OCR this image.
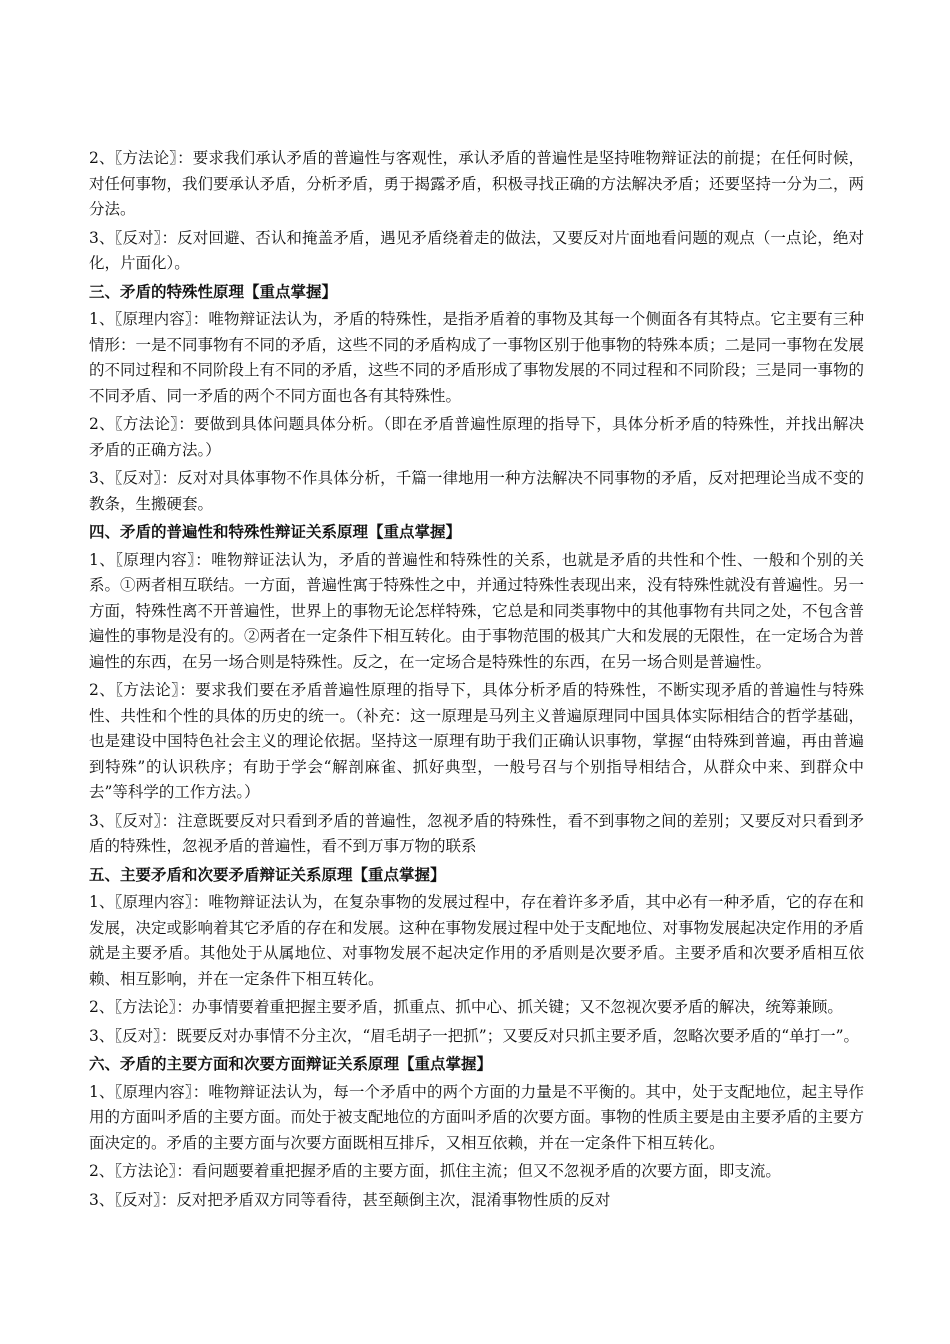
2、〖方法论〗：要求我们承认矛盾的普遍性与客观性，承认矛盾的普遍性是坚持唯物辩证法的前提；在任何时候，对任何事物，我们要承认矛盾，分析矛盾，勇于揭露矛盾，积极寻找正确的方法解决矛盾；还要坚持一分为二，两分法。

3、〖反对〗：反对回避、否认和掩盖矛盾，遇见矛盾绕着走的做法，又要反对片面地看问题的观点（一点论，绝对化，片面化）。

三、矛盾的特殊性原理【重点掌握】

1、〖原理内容〗：唯物辩证法认为，矛盾的特殊性，是指矛盾着的事物及其每一个侧面各有其特点。它主要有三种情形：一是不同事物有不同的矛盾，这些不同的矛盾构成了一事物区别于他事物的特殊本质；二是同一事物在发展的不同过程和不同阶段上有不同的矛盾，这些不同的矛盾形成了事物发展的不同过程和不同阶段；三是同一事物的不同矛盾、同一矛盾的两个不同方面也各有其特殊性。

2、〖方法论〗：要做到具体问题具体分析。（即在矛盾普遍性原理的指导下，具体分析矛盾的特殊性，并找出解决矛盾的正确方法。）

3、〖反对〗：反对对具体事物不作具体分析，千篇一律地用一种方法解决不同事物的矛盾，反对把理论当成不变的教条，生搬硬套。

四、矛盾的普遍性和特殊性辩证关系原理【重点掌握】

1、〖原理内容〗：唯物辩证法认为，矛盾的普遍性和特殊性的关系，也就是矛盾的共性和个性、一般和个别的关系。①两者相互联结。一方面，普遍性寓于特殊性之中，并通过特殊性表现出来，没有特殊性就没有普遍性。另一方面，特殊性离不开普遍性，世界上的事物无论怎样特殊，它总是和同类事物中的其他事物有共同之处，不包含普遍性的事物是没有的。②两者在一定条件下相互转化。由于事物范围的极其广大和发展的无限性，在一定场合为普遍性的东西，在另一场合则是特殊性。反之，在一定场合是特殊性的东西，在另一场合则是普遍性。

2、〖方法论〗：要求我们要在矛盾普遍性原理的指导下，具体分析矛盾的特殊性，不断实现矛盾的普遍性与特殊性、共性和个性的具体的历史的统一。（补充：这一原理是马列主义普遍原理同中国具体实际相结合的哲学基础，也是建设中国特色社会主义的理论依据。坚持这一原理有助于我们正确认识事物，掌握“由特殊到普遍，再由普遍到特殊”的认识秩序；有助于学会“解剖麻雀、抓好典型，一般号召与个别指导相结合，从群众中来、到群众中去”等科学的工作方法。）

3、〖反对〗：注意既要反对只看到矛盾的普遍性，忽视矛盾的特殊性，看不到事物之间的差别；又要反对只看到矛盾的特殊性，忽视矛盾的普遍性，看不到万事万物的联系

五、主要矛盾和次要矛盾辩证关系原理【重点掌握】

1、〖原理内容〗：唯物辩证法认为，在复杂事物的发展过程中，存在着许多矛盾，其中必有一种矛盾，它的存在和发展，决定或影响着其它矛盾的存在和发展。这种在事物发展过程中处于支配地位、对事物发展起决定作用的矛盾就是主要矛盾。其他处于从属地位、对事物发展不起决定作用的矛盾则是次要矛盾。主要矛盾和次要矛盾相互依赖、相互影响，并在一定条件下相互转化。

2、〖方法论〗：办事情要着重把握主要矛盾，抓重点、抓中心、抓关键；又不忽视次要矛盾的解决，统筹兼顾。

3、〖反对〗：既要反对办事情不分主次，“眉毛胡子一把抓”；又要反对只抓主要矛盾，忽略次要矛盾的“单打一”。

六、矛盾的主要方面和次要方面辩证关系原理【重点掌握】

1、〖原理内容〗：唯物辩证法认为，每一个矛盾中的两个方面的力量是不平衡的。其中，处于支配地位，起主导作用的方面叫矛盾的主要方面。而处于被支配地位的方面叫矛盾的次要方面。事物的性质主要是由主要矛盾的主要方面决定的。矛盾的主要方面与次要方面既相互排斥，又相互依赖，并在一定条件下相互转化。

2、〖方法论〗：看问题要着重把握矛盾的主要方面，抓住主流；但又不忽视矛盾的次要方面，即支流。

3、〖反对〗：反对把矛盾双方同等看待，甚至颠倒主次，混淆事物性质的反对
